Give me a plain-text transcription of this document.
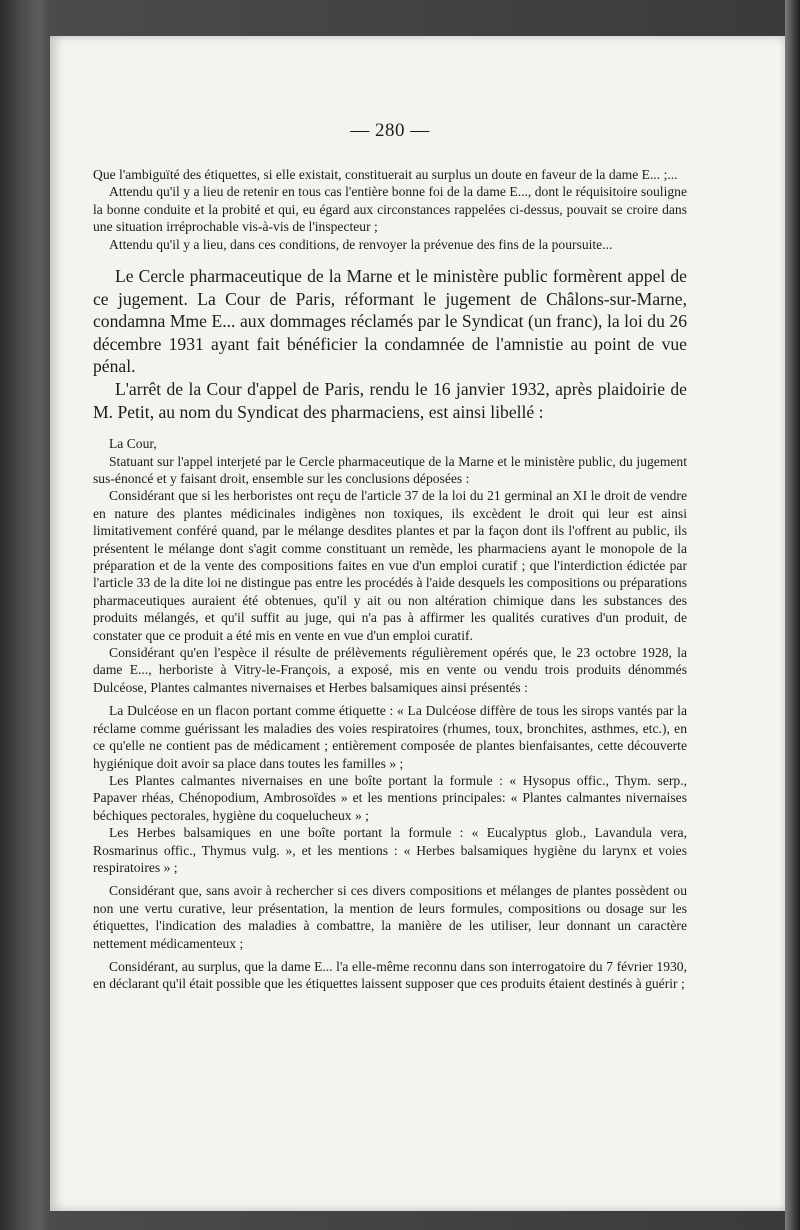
— 280 —

Que l'ambiguïté des étiquettes, si elle existait, constituerait au surplus un doute en faveur de la dame E... ;...

Attendu qu'il y a lieu de retenir en tous cas l'entière bonne foi de la dame E..., dont le réquisitoire souligne la bonne conduite et la probité et qui, eu égard aux circonstances rappelées ci-dessus, pouvait se croire dans une situation irréprochable vis-à-vis de l'inspecteur ;

Attendu qu'il y a lieu, dans ces conditions, de renvoyer la prévenue des fins de la poursuite...

Le Cercle pharmaceutique de la Marne et le ministère public formèrent appel de ce jugement. La Cour de Paris, réformant le jugement de Châlons-sur-Marne, condamna Mme E... aux dommages réclamés par le Syndicat (un franc), la loi du 26 décembre 1931 ayant fait bénéficier la condamnée de l'amnistie au point de vue pénal.

L'arrêt de la Cour d'appel de Paris, rendu le 16 janvier 1932, après plaidoirie de M. Petit, au nom du Syndicat des pharmaciens, est ainsi libellé :

La Cour,

Statuant sur l'appel interjeté par le Cercle pharmaceutique de la Marne et le ministère public, du jugement sus-énoncé et y faisant droit, ensemble sur les conclusions déposées :

Considérant que si les herboristes ont reçu de l'article 37 de la loi du 21 germinal an XI le droit de vendre en nature des plantes médicinales indigènes non toxiques, ils excèdent le droit qui leur est ainsi limitativement conféré quand, par le mélange desdites plantes et par la façon dont ils l'offrent au public, ils présentent le mélange dont s'agit comme constituant un remède, les pharmaciens ayant le monopole de la préparation et de la vente des compositions faites en vue d'un emploi curatif ; que l'interdiction édictée par l'article 33 de la dite loi ne distingue pas entre les procédés à l'aide desquels les compositions ou préparations pharmaceutiques auraient été obtenues, qu'il y ait ou non altération chimique dans les substances des produits mélangés, et qu'il suffit au juge, qui n'a pas à affirmer les qualités curatives d'un produit, de constater que ce produit a été mis en vente en vue d'un emploi curatif.

Considérant qu'en l'espèce il résulte de prélèvements régulièrement opérés que, le 23 octobre 1928, la dame E..., herboriste à Vitry-le-François, a exposé, mis en vente ou vendu trois produits dénommés Dulcéose, Plantes calmantes nivernaises et Herbes balsamiques ainsi présentés :

La Dulcéose en un flacon portant comme étiquette : « La Dulcéose diffère de tous les sirops vantés par la réclame comme guérissant les maladies des voies respiratoires (rhumes, toux, bronchites, asthmes, etc.), en ce qu'elle ne contient pas de médicament ; entièrement composée de plantes bienfaisantes, cette découverte hygiénique doit avoir sa place dans toutes les familles » ;

Les Plantes calmantes nivernaises en une boîte portant la formule : « Hysopus offic., Thym. serp., Papaver rhéas, Chénopodium, Ambrosoïdes » et les mentions principales: « Plantes calmantes nivernaises béchiques pectorales, hygiène du coqueluchеux » ;

Les Herbes balsamiques en une boîte portant la formule : « Eucalyptus glob., Lavandula vera, Rosmarinus offic., Thymus vulg. », et les mentions : « Herbes balsamiques hygiène du larynx et voies respiratoires » ;

Considérant que, sans avoir à rechercher si ces divers compositions et mélanges de plantes possèdent ou non une vertu curative, leur présentation, la mention de leurs formules, compositions ou dosage sur les étiquettes, l'indication des maladies à combattre, la manière de les utiliser, leur donnant un caractère nettement médicamenteux ;

Considérant, au surplus, que la dame E... l'a elle-même reconnu dans son interrogatoire du 7 février 1930, en déclarant qu'il était possible que les étiquettes laissent supposer que ces produits étaient destinés à guérir ;
